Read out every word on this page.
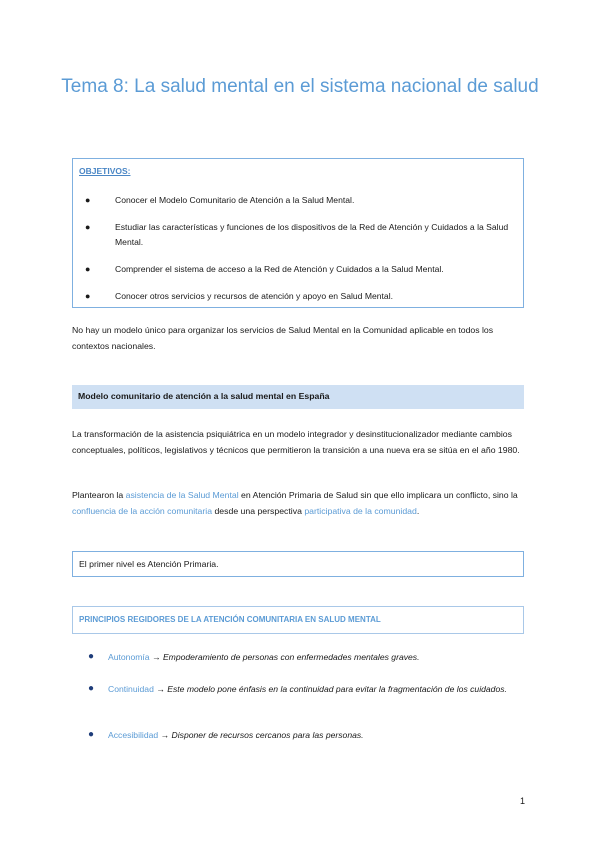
Tema 8: La salud mental en el sistema nacional de salud
OBJETIVOS:
●	Conocer el Modelo Comunitario de Atención a la Salud Mental.
●	Estudiar las características y funciones de los dispositivos de la Red de Atención y Cuidados a la Salud Mental.
●	Comprender el sistema de acceso a la Red de Atención y Cuidados a la Salud Mental.
●	Conocer otros servicios y recursos de atención y apoyo en Salud Mental.
No hay un modelo único para organizar los servicios de Salud Mental en la Comunidad aplicable en todos los contextos nacionales.
Modelo comunitario de atención a la salud mental en España
La transformación de la asistencia psiquiátrica en un modelo integrador y desinstitucionalizador mediante cambios conceptuales, políticos, legislativos y técnicos que permitieron la transición a una nueva era se sitúa en el año 1980.
Plantearon la asistencia de la Salud Mental en Atención Primaria de Salud sin que ello implicara un conflicto, sino la confluencia de la acción comunitaria desde una perspectiva participativa de la comunidad.
El primer nivel es Atención Primaria.
PRINCIPIOS REGIDORES DE LA ATENCIÓN COMUNITARIA EN SALUD MENTAL
● Autonomía → Empoderamiento de personas con enfermedades mentales graves.
● Continuidad → Este modelo pone énfasis en la continuidad para evitar la fragmentación de los cuidados.
● Accesibilidad → Disponer de recursos cercanos para las personas.
1
